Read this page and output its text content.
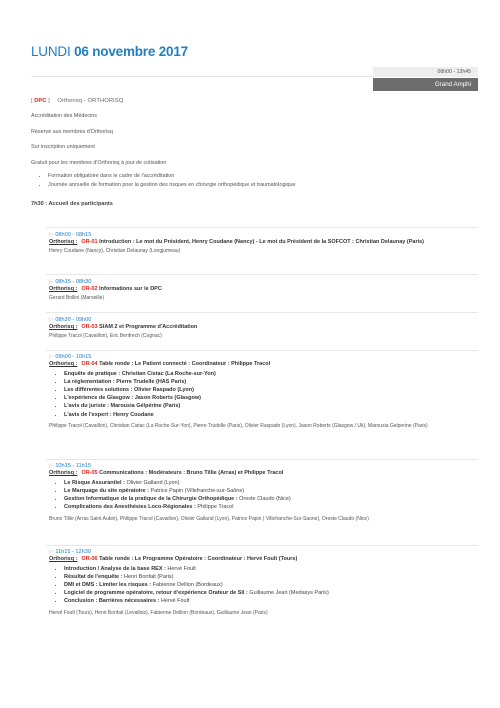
LUNDI 06 novembre 2017
08h00 - 12h45
Grand Amphi
[ DPC ] Orthorisq - ORTHORISQ

Accréditation des Médecins

Réservé aux membres d'Orthorisq

Sur inscription uniquement

Gratuit pour les membres d'Orthorisq à jour de cotisation

• Formation obligatoire dans le cadre de l'accréditation
• Journée annuelle de formation pour la gestion des risques en chirurgie orthopédique et traumatologique
7h30 : Accueil des participants
▷ 08h00 - 08h15
Orthorisq : OR-01 Introduction : Le mot du Président, Henry Coudane (Nancy) - Le mot du Président de la SOFCOT : Christian Delaunay (Paris)
Henry Coudane (Nancy), Christian Delaunay (Longjumeau)
▷ 08h15 - 08h30
Orthorisq : OR-02 Informations sur le DPC
Gerard Bollini (Marseille)
▷ 08h30 - 09h00
Orthorisq : OR-03 SIAM 2 et Programme d'Accréditation
Philippe Tracol (Cavaillon), Eric Benfrech (Cognac)
▷ 09h00 - 10h15
Orthorisq : OR-04 Table ronde : Le Patient connecté : Coordinateur : Philippe Tracol
• Enquête de pratique : Christian Cistac (La Roche-sur-Yon)
• La réglementation : Pierre Trudelle (HAS Paris)
• Les différentes solutions : Olivier Raspado (Lyon)
• L'expérience de Glasgow : Jason Roberts (Glasgow)
• L'avis du juriste : Marousia Gélpérine (Paris)
• L'avis de l'expert : Henry Coudane
Philippe Tracol (Cavaillon), Christian Cistac (La Roche-Sur-Yon), Pierre Trudelle (Paris), Olivier Raspado (Lyon), Jason Roberts (Glasgow / Uk), Marousia Gelperine (Paris)
▷ 10h15 - 11h15
Orthorisq : OR-05 Communications : Modérateurs : Bruno Tillie (Arras) et Philippe Tracol
• Le Risque Assurantiel : Olivier Galland (Lyon)
• Le Marquage du site opératoire : Patrice Papin (Villefranche-sur-Saône)
• Gestion Informatique de la pratique de la Chirurgie Orthopédique : Oreste Claudo (Nice)
• Complications des Anesthésies Loco-Régionales : Philippe Tracol
Bruno Tillie (Arras Saint Aubin), Philippe Tracol (Cavaillon), Olivier Galland (Lyon), Patrice Papin ( Villefranche-Sur-Saone), Oreste Claudo (Nice)
▷ 11h15 - 12h30
Orthorisq : OR-06 Table ronde : Le Programme Opératoire : Coordinateur : Hervé Foult (Tours)
• Introduction / Analyse de la base REX : Hervé Foult
• Résultat de l'enquête : Henri Bonfait (Paris)
• DMI et DMS : Limiter les risques : Fabienne Dellion (Bordeaux)
• Logiciel de programme opératoire, retour d'expérience Orateur de Sil : Guillaume Jean (Medasys Paris)
• Conclusion : Barrières nécessaires : Hervé Foult
Hervé Foult (Tours), Henri Bonfait (Levallois), Fabienne Dellion (Bordeaux), Guillaume Jean (Paris)
